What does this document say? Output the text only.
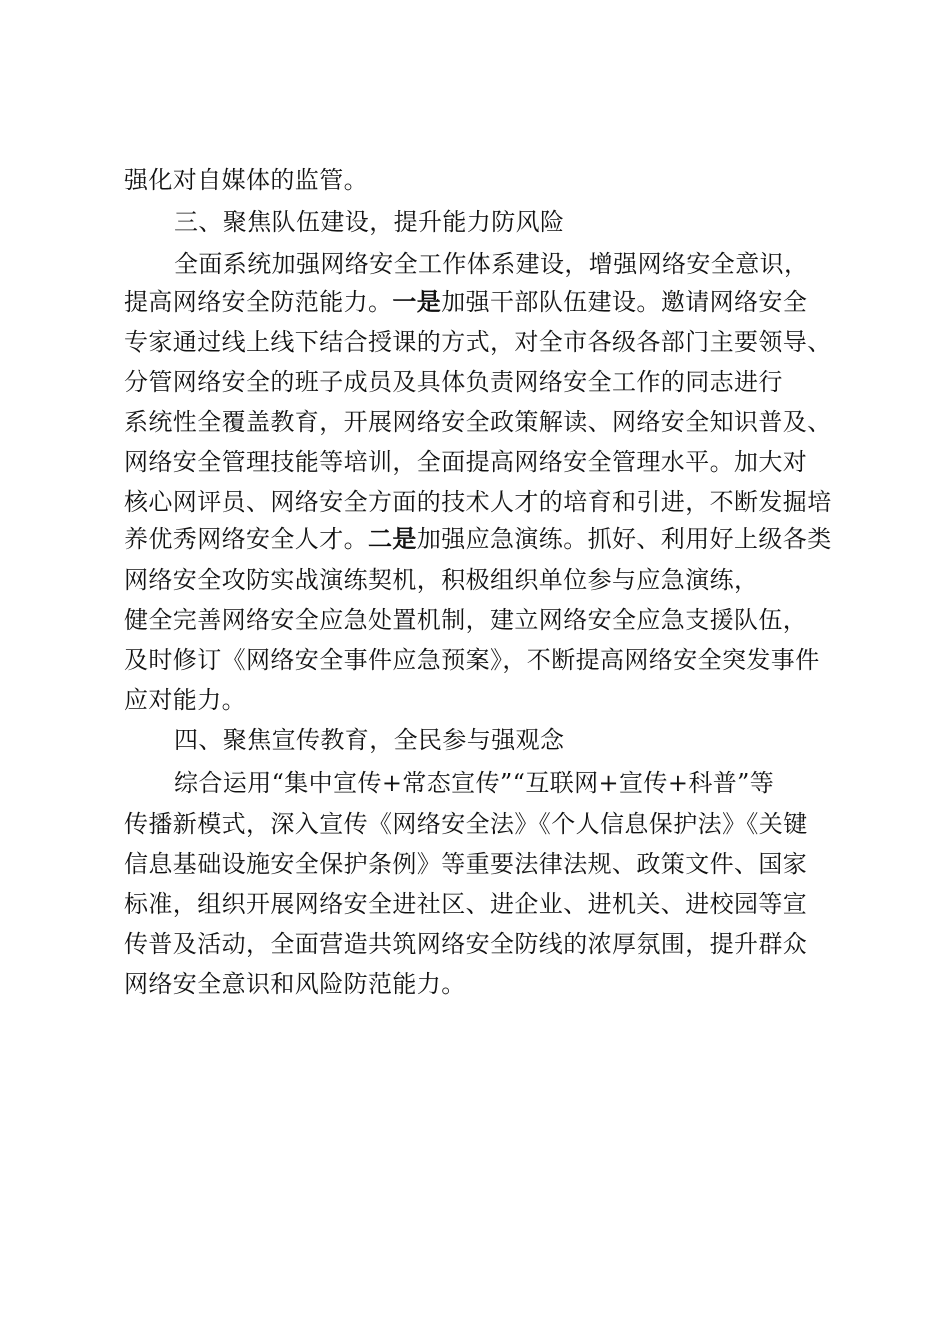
强化对自媒体的监管。
三、聚焦队伍建设，提升能力防风险
全面系统加强网络安全工作体系建设，增强网络安全意识，
提高网络安全防范能力。一是加强干部队伍建设。邀请网络安全
专家通过线上线下结合授课的方式，对全市各级各部门主要领导、
分管网络安全的班子成员及具体负责网络安全工作的同志进行
系统性全覆盖教育，开展网络安全政策解读、网络安全知识普及、
网络安全管理技能等培训，全面提高网络安全管理水平。加大对
核心网评员、网络安全方面的技术人才的培育和引进，不断发掘培
养优秀网络安全人才。二是加强应急演练。抓好、利用好上级各类
网络安全攻防实战演练契机，积极组织单位参与应急演练，
健全完善网络安全应急处置机制，建立网络安全应急支援队伍，
及时修订《网络安全事件应急预案》，不断提高网络安全突发事件
应对能力。
四、聚焦宣传教育，全民参与强观念
综合运用“集中宣传+常态宣传”“互联网+宣传+科普”等
传播新模式，深入宣传《网络安全法》《个人信息保护法》《关键
信息基础设施安全保护条例》等重要法律法规、政策文件、国家
标准，组织开展网络安全进社区、进企业、进机关、进校园等宣
传普及活动，全面营造共筑网络安全防线的浓厚氛围，提升群众
网络安全意识和风险防范能力。
